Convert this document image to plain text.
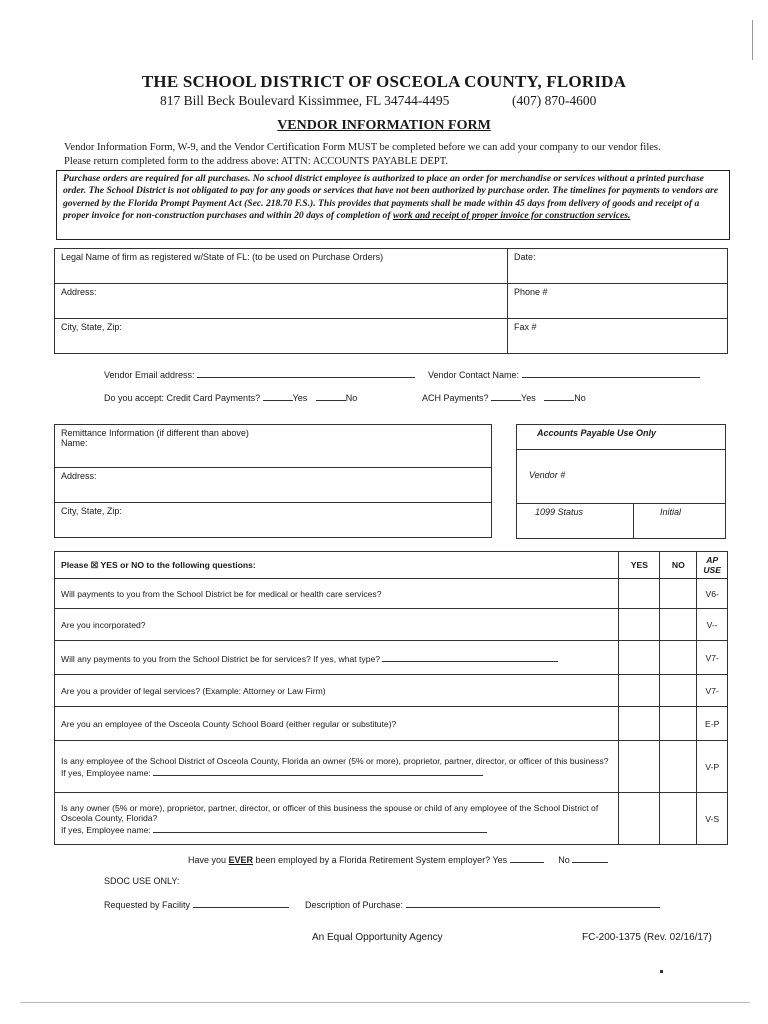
THE SCHOOL DISTRICT OF OSCEOLA COUNTY, FLORIDA
817 Bill Beck Boulevard Kissimmee, FL 34744-4495	(407) 870-4600
VENDOR INFORMATION FORM
Vendor Information Form, W-9, and the Vendor Certification Form MUST be completed before we can add your company to our vendor files.
Please return completed form to the address above: ATTN: ACCOUNTS PAYABLE DEPT.
Purchase orders are required for all purchases. No school district employee is authorized to place an order for merchandise or services without a printed purchase order. The School District is not obligated to pay for any goods or services that have not been authorized by purchase order. The timelines for payments to vendors are governed by the Florida Prompt Payment Act (Sec. 218.70 F.S.). This provides that payments shall be made within 45 days from delivery of goods and receipt of a proper invoice for non-construction purchases and within 20 days of completion of work and receipt of proper invoice for construction services.
Legal Name of firm as registered w/State of FL: (to be used on Purchase Orders)	Date:
Address:	Phone #
City, State, Zip:	Fax #
Vendor Email address:	Vendor Contact Name:
Do you accept: Credit Card Payments?	Yes	No	ACH Payments?	Yes	No
Remittance Information (if different than above)
Name:

Address:
City, State, Zip:
Accounts Payable Use Only
Vendor #
1099 Status	Initial
Please ☒ YES or NO to the following questions:	YES	NO	AP USE
Will payments to you from the School District be for medical or health care services?			V6-
Are you incorporated?			V--
Will any payments to you from the School District be for services? If yes, what type?			V7-
Are you a provider of legal services? (Example: Attorney or Law Firm)			V7-
Are you an employee of the Osceola County School Board (either regular or substitute)?			E-P

Is any employee of the School District of Osceola County, Florida an owner (5% or more), proprietor, partner, director, or officer of this business?
If yes, Employee name:			V-P

Is any owner (5% or more), proprietor, partner, director, or officer of this business the spouse or child of any employee of the School District of Osceola County, Florida?
If yes, Employee name:			V-S
Have you EVER been employed by a Florida Retirement System employer? Yes	No
SDOC USE ONLY:
Requested by Facility	Description of Purchase:
An Equal Opportunity Agency	FC-200-1375 (Rev. 02/16/17)
